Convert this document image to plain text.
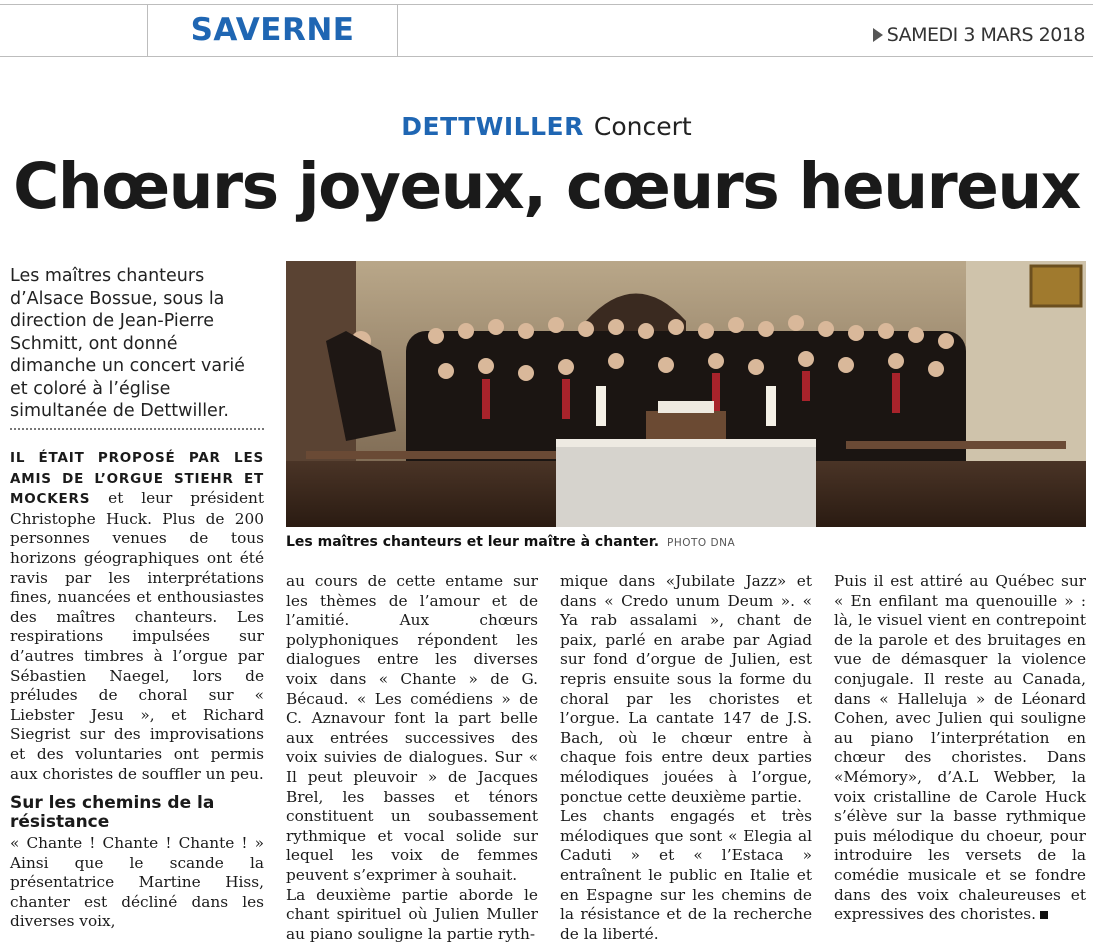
SAVERNE	SAMEDI 3 MARS 2018
DETTWILLER Concert
Chœurs joyeux, cœurs heureux
Les maîtres chanteurs d’Alsace Bossue, sous la direction de Jean-Pierre Schmitt, ont donné dimanche un concert varié et coloré à l’église simultanée de Dettwiller.
Les maîtres chanteurs et leur maître à chanter. PHOTO DNA

IL ÉTAIT PROPOSÉ PAR LES AMIS DE L’ORGUE STIEHR ET MOCKERS et leur président Christophe Huck. Plus de 200 personnes venues de tous horizons géographiques ont été ravis par les interprétations fines, nuancées et enthousiastes des maîtres chanteurs. Les respirations impulsées sur d’autres timbres à l’orgue par Sébastien Naegel, lors de préludes de choral sur « Liebster Jesu », et Richard Siegrist sur des improvisations et des voluntaries ont permis aux choristes de souffler un peu.

Sur les chemins de la résistance

« Chante ! Chante ! Chante ! » Ainsi que le scande la présentatrice Martine Hiss, chanter est décliné dans les diverses voix,

au cours de cette entame sur les thèmes de l’amour et de l’amitié. Aux chœurs polyphoniques répondent les dialogues entre les diverses voix dans « Chante » de G. Bécaud. « Les comédiens » de C. Aznavour font la part belle aux entrées successives des voix suivies de dialogues. Sur « Il peut pleuvoir » de Jacques Brel, les basses et ténors constituent un soubassement rythmique et vocal solide sur lequel les voix de femmes peuvent s’exprimer à souhait.

La deuxième partie aborde le chant spirituel où Julien Muller au piano souligne la partie ryth-

mique dans «Jubilate Jazz» et dans « Credo unum Deum ». « Ya rab assalami », chant de paix, parlé en arabe par Agiad sur fond d’orgue de Julien, est repris ensuite sous la forme du choral par les choristes et l’orgue. La cantate 147 de J.S. Bach, où le chœur entre à chaque fois entre deux parties mélodiques jouées à l’orgue, ponctue cette deuxième partie.

Les chants engagés et très mélodiques que sont « Elegia al Caduti » et « l’Estaca » entraînent le public en Italie et en Espagne sur les chemins de la résistance et de la recherche de la liberté.

Puis il est attiré au Québec sur « En enfilant ma quenouille » : là, le visuel vient en contrepoint de la parole et des bruitages en vue de démasquer la violence conjugale. Il reste au Canada, dans « Halleluja » de Léonard Cohen, avec Julien qui souligne au piano l’interprétation en chœur des choristes. Dans «Mémory», d’A.L Webber, la voix cristalline de Carole Huck s’élève sur la basse rythmique puis mélodique du choeur, pour introduire les versets de la comédie musicale et se fondre dans des voix chaleureuses et expressives des choristes.
